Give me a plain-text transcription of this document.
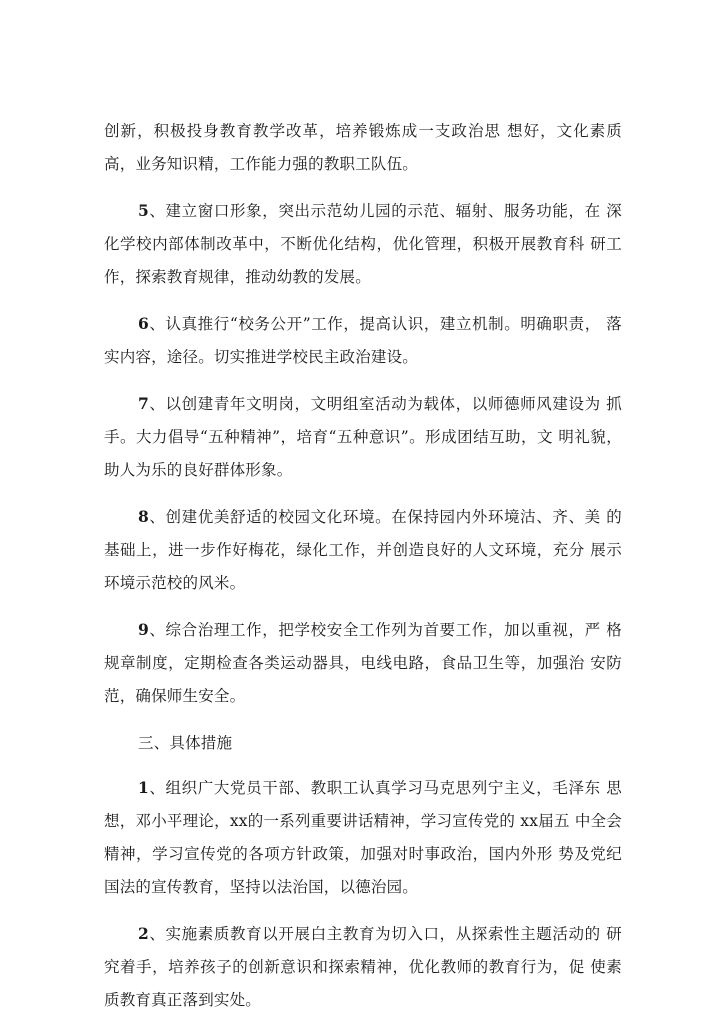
创新，积极投身教育教学改革，培养锻炼成一支政治思 想好，文化素质高，业务知识精，工作能力强的教职工队伍。

5、建立窗口形象，突出示范幼儿园的示范、辐射、服务功能，在 深化学校内部体制改革中，不断优化结构，优化管理，积极开展教育科 研工作，探索教育规律，推动幼教的发展。

6、认真推行“校务公开”工作，提高认识，建立机制。明确职责， 落实内容，途径。切实推进学校民主政治建设。

7、以创建青年文明岗，文明组室活动为载体，以师德师风建设为 抓手。大力倡导“五种精神”，培育“五种意识”。形成团结互助，文 明礼貌，助人为乐的良好群体形象。

8、创建优美舒适的校园文化环境。在保持园内外环境沽、齐、美 的基础上，进一步作好梅花，绿化工作，并创造良好的人文环境，充分 展示环境示范校的风米。

9、综合治理工作，把学校安全工作列为首要工作，加以重视，严 格规章制度，定期检查各类运动器具，电线电路，食品卫生等，加强治 安防范，确保师生安全。

三、具体措施

1、组织广大党员干部、教职工认真学习马克思列宁主义，毛泽东 思想，邓小平理论，xx的一系列重要讲话精神，学习宣传党的 xx届五 中全会精神，学习宣传党的各项方针政策，加强对时事政治，国内外形 势及党纪国法的宣传教育，坚持以法治国，以德治园。

2、实施素质教育以开展白主教育为切入口，从探索性主题活动的 研究着手，培养孩子的创新意识和探索精神，优化教师的教育行为，促 使素质教育真正落到实处。
